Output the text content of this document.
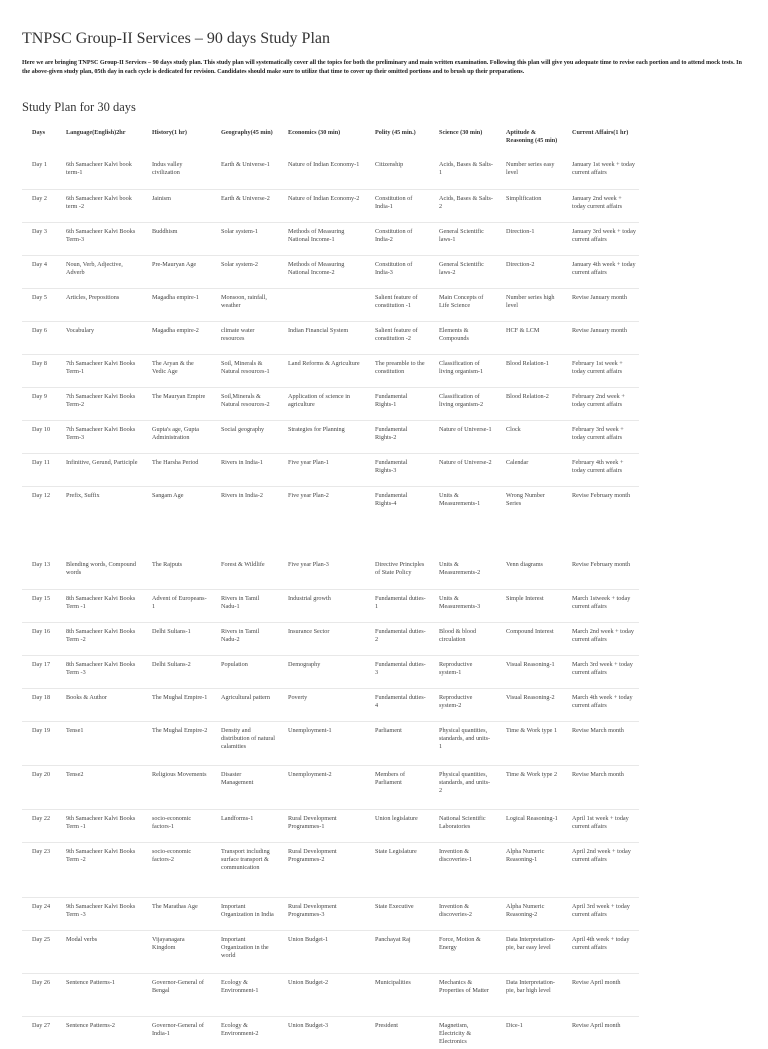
TNPSC Group-II Services – 90 days Study Plan

Here we are bringing TNPSC Group-II Services – 90 days study plan. This study plan will systematically cover all the topics for both the preliminary and main written examination. Following this plan will give you adequate time to revise each portion and to attend mock tests. In the above-given study plan, 05th day in each cycle is dedicated for revision. Candidates should make sure to utilize that time to cover up their omitted portions and to brush up their preparations.

Study Plan for 30 days
Days	Language(English)2hr	History(1 hr)	Geography(45 min)	Economics (30 min)	Polity (45 min.)	Science (30 min)	Aptitude & Reasoning (45 min)	Current Affairs(1 hr)
Day 1	6th Samacheer Kalvi book term-1	Indus valley civilization	Earth & Universe-1	Nature of Indian Economy-1	Citizenship	Acids, Bases & Salts-1	Number series easy level	January 1st week + today current affairs
Day 2	6th Samacheer Kalvi book term -2	Jainism	Earth & Universe-2	Nature of Indian Economy-2	Constitution of India-1	Acids, Bases & Salts-2	Simplification	January 2nd week + today current affairs
Day 3	6th Samacheer Kalvi Books Term-3	Buddhism	Solar system-1	Methods of Measuring National Income-1	Constitution of India-2	General Scientific laws-1	Direction-1	January 3rd week + today current affairs
Day 4	Noun, Verb, Adjective, Adverb	Pre-Mauryan Age	Solar system-2	Methods of Measuring National Income-2	Constitution of India-3	General Scientific laws-2	Direction-2	January 4th week + today current affairs
Day 5	Articles, Prepositions	Magadha empire-1	Monsoon, rainfall, weather		Salient feature of constitution -1	Main Concepts of Life Science	Number series high level	Revise January month
Day 6	Vocabulary	Magadha empire-2	climate water resources	Indian Financial System	Salient feature of constitution -2	Elements & Compounds	HCF & LCM	Revise January month
Day 8	7th Samacheer Kalvi Books Term-1	The Aryan & the Vedic Age	Soil, Minerals & Natural resources-1	Land Reforms & Agriculture	The preamble to the constitution	Classification of living organism-1	Blood Relation-1	February 1st week + today current affairs
Day 9	7th Samacheer Kalvi Books Term-2	The Mauryan Empire	Soil,Minerals & Natural resources-2	Application of science in agriculture	Fundamental Rights-1	Classification of living organism-2	Blood Relation-2	February 2nd week + today current affairs
Day 10	7th Samacheer Kalvi Books Term-3	Gupta's age, Gupta Administration	Social geography	Strategies for Planning	Fundamental Rights-2	Nature of Universe-1	Clock	February 3rd week + today current affairs
Day 11	Infinitive, Gerund, Participle	The Harsha Period	Rivers in India-1	Five year Plan-1	Fundamental Rights-3	Nature of Universe-2	Calendar	February 4th week + today current affairs
Day 12	Prefix, Suffix	Sangam Age	Rivers in India-2	Five year Plan-2	Fundamental Rights-4	Units & Measurements-1	Wrong Number Series	Revise February month
Day 13	Blending words, Compound words	The Rajputs	Forest & Wildlife	Five year Plan-3	Directive Principles of State Policy	Units & Measurements-2	Venn diagrams	Revise February month
Day 15	8th Samacheer Kalvi Books Term -1	Advent of Europeans-1	Rivers in Tamil Nadu-1	Industrial growth	Fundamental duties-1	Units & Measurements-3	Simple Interest	March 1stweek + today current affairs
Day 16	8th Samacheer Kalvi Books Term -2	Delhi Sultans-1	Rivers in Tamil Nadu-2	Insurance Sector	Fundamental duties-2	Blood & blood circulation	Compound Interest	March 2nd week + today current affairs
Day 17	8th Samacheer Kalvi Books Term -3	Delhi Sultans-2	Population	Demography	Fundamental duties-3	Reproductive system-1	Visual Reasoning-1	March 3rd week + today current affairs
Day 18	Books & Author	The Mughal Empire-1	Agricultural pattern	Poverty	Fundamental duties-4	Reproductive system-2	Visual Reasoning-2	March 4th week + today current affairs
Day 19	Tense1	The Mughal Empire-2	Density and distribution of natural calamities	Unemployment-1	Parliament	Physical quantities, standards, and units-1	Time & Work type 1	Revise March month
Day 20	Tense2	Religious Movements	Disaster Management	Unemployment-2	Members of Parliament	Physical quantities, standards, and units-2	Time & Work type 2	Revise March month
Day 22	9th Samacheer Kalvi Books Term -1	socio-economic factors-1	Landforms-1	Rural Development Programmes-1	Union legislature	National Scientific Laboratories	Logical Reasoning-1	April 1st week + today current affairs
Day 23	9th Samacheer Kalvi Books Term -2	socio-economic factors-2	Transport including surface transport & communication	Rural Development Programmes-2	State Legislature	Invention & discoveries-1	Alpha Numeric Reasoning-1	April 2nd week + today current affairs
Day 24	9th Samacheer Kalvi Books Term -3	The Marathas Age	Important Organization in India	Rural Development Programmes-3	State Executive	Invention & discoveries-2	Alpha Numeric Reasoning-2	April 3rd week + today current affairs
Day 25	Modal verbs	Vijayanagara Kingdom	Important Organization in the world	Union Budget-1	Panchayat Raj	Force, Motion & Energy	Data Interpretation-pie, bar easy level	April 4th week + today current affairs
Day 26	Sentence Patterns-1	Governor-General of Bengal	Ecology & Environment-1	Union Budget-2	Municipalities	Mechanics & Properties of Matter	Data Interpretation-pie, bar high level	Revise April month
Day 27	Sentence Patterns-2	Governor-General of India-1	Ecology & Environment-2	Union Budget-3	President	Magnetism, Electricity & Electronics	Dice-1	Revise April month
